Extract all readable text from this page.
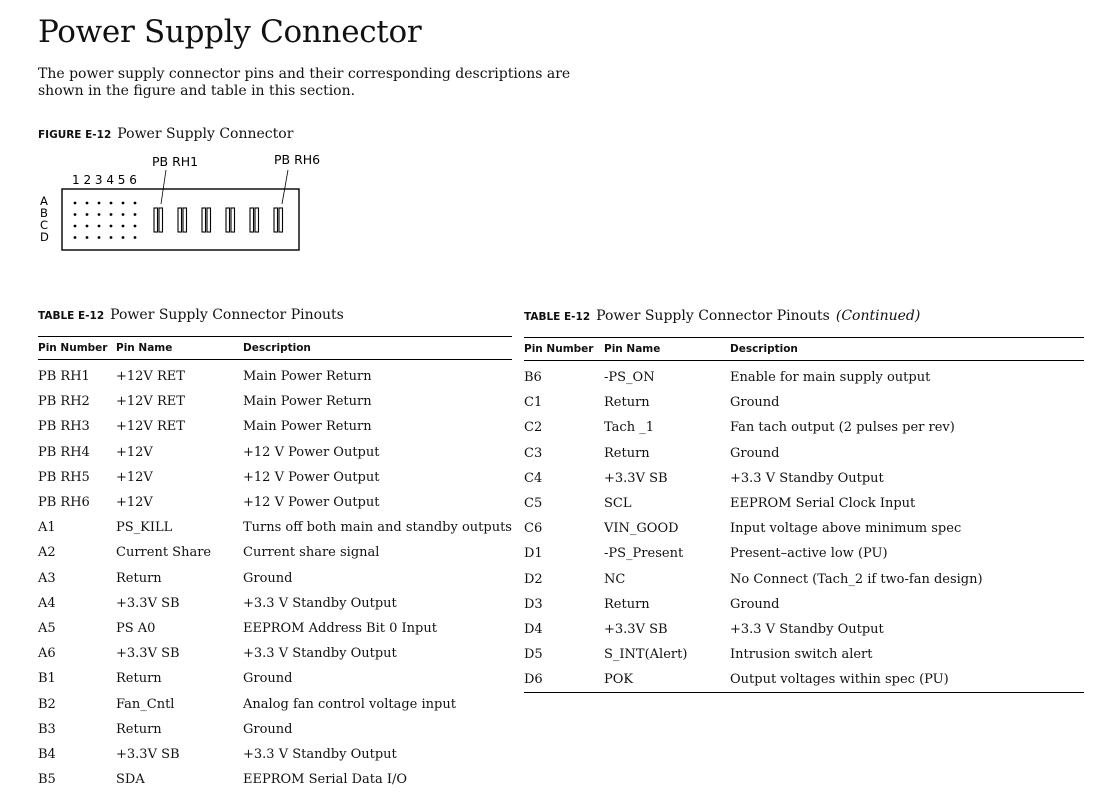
Power Supply Connector

The power supply connector pins and their corresponding descriptions are shown in the figure and table in this section.

FIGURE E-12 Power Supply Connector
1 2 3 4 5 6
PB RH1	PB RH6
A
B
C
D
TABLE E-12 Power Supply Connector Pinouts
Pin Number	Pin Name	Description
PB RH1	+12V RET	Main Power Return
PB RH2	+12V RET	Main Power Return
PB RH3	+12V RET	Main Power Return
PB RH4	+12V	+12 V Power Output
PB RH5	+12V	+12 V Power Output
PB RH6	+12V	+12 V Power Output
A1	PS_KILL	Turns off both main and standby outputs
A2	Current Share	Current share signal
A3	Return	Ground
A4	+3.3V SB	+3.3 V Standby Output
A5	PS A0	EEPROM Address Bit 0 Input
A6	+3.3V SB	+3.3 V Standby Output
B1	Return	Ground
B2	Fan_Cntl	Analog fan control voltage input
B3	Return	Ground
B4	+3.3V SB	+3.3 V Standby Output
B5	SDA	EEPROM Serial Data I/O
TABLE E-12 Power Supply Connector Pinouts (Continued)
Pin Number	Pin Name	Description
B6	-PS_ON	Enable for main supply output
C1	Return	Ground
C2	Tach _1	Fan tach output (2 pulses per rev)
C3	Return	Ground
C4	+3.3V SB	+3.3 V Standby Output
C5	SCL	EEPROM Serial Clock Input
C6	VIN_GOOD	Input voltage above minimum spec
D1	-PS_Present	Present–active low (PU)
D2	NC	No Connect (Tach_2 if two-fan design)
D3	Return	Ground
D4	+3.3V SB	+3.3 V Standby Output
D5	S_INT(Alert)	Intrusion switch alert
D6	POK	Output voltages within spec (PU)
